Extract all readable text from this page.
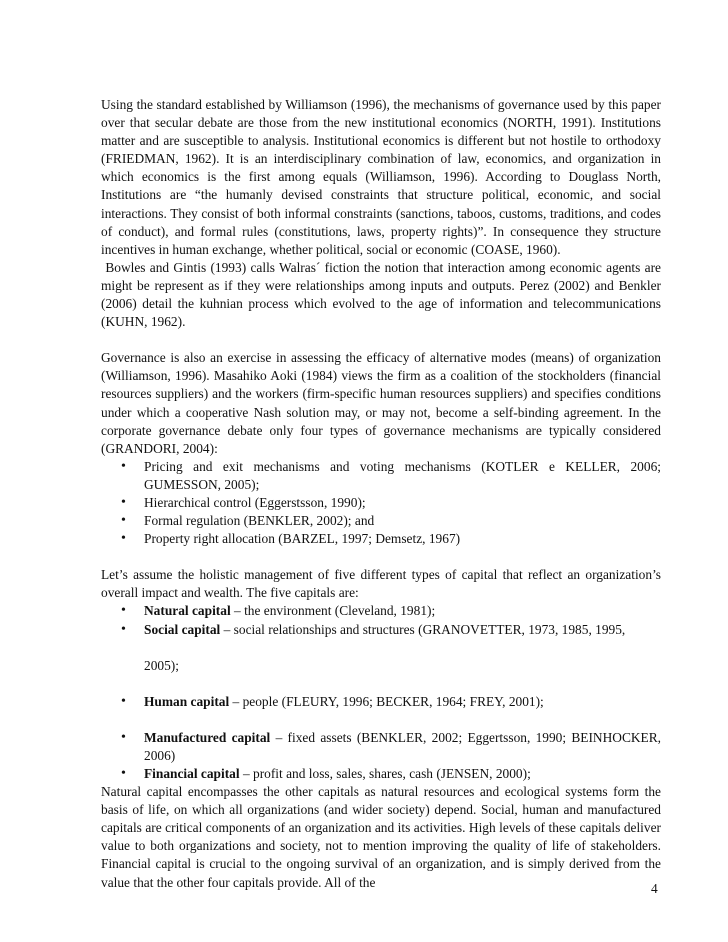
Using the standard established by Williamson (1996), the mechanisms of governance used by this paper over that secular debate are those from the new institutional economics (NORTH, 1991). Institutions matter and are susceptible to analysis. Institutional economics is different but not hostile to orthodoxy (FRIEDMAN, 1962). It is an interdisciplinary combination of law, economics, and organization in which economics is the first among equals (Williamson, 1996). According to Douglass North, Institutions are “the humanly devised constraints that structure political, economic, and social interactions. They consist of both informal constraints (sanctions, taboos, customs, traditions, and codes of conduct), and formal rules (constitutions, laws, property rights)”. In consequence they structure incentives in human exchange, whether political, social or economic (COASE, 1960).

Bowles and Gintis (1993) calls Walras´ fiction the notion that interaction among economic agents are might be represent as if they were relationships among inputs and outputs. Perez (2002) and Benkler (2006) detail the kuhnian process which evolved to the age of information and telecommunications (KUHN, 1962).

Governance is also an exercise in assessing the efficacy of alternative modes (means) of organization (Williamson, 1996). Masahiko Aoki (1984) views the firm as a coalition of the stockholders (financial resources suppliers) and the workers (firm-specific human resources suppliers) and specifies conditions under which a cooperative Nash solution may, or may not, become a self-binding agreement. In the corporate governance debate only four types of governance mechanisms are typically considered (GRANDORI, 2004):

• Pricing and exit mechanisms and voting mechanisms (KOTLER e KELLER, 2006; GUMESSON, 2005);
• Hierarchical control (Eggerstsson, 1990);
• Formal regulation (BENKLER, 2002); and
• Property right allocation (BARZEL, 1997; Demsetz, 1967)

Let’s assume the holistic management of five different types of capital that reflect an organization’s overall impact and wealth. The five capitals are:

• Natural capital – the environment (Cleveland, 1981);
• Social capital – social relationships and structures (GRANOVETTER, 1973, 1985, 1995,
2005);
• Human capital – people (FLEURY, 1996; BECKER, 1964; FREY, 2001);
• Manufactured capital – fixed assets (BENKLER, 2002; Eggertsson, 1990; BEINHOCKER, 2006)
• Financial capital – profit and loss, sales, shares, cash (JENSEN, 2000);

Natural capital encompasses the other capitals as natural resources and ecological systems form the basis of life, on which all organizations (and wider society) depend. Social, human and manufactured capitals are critical components of an organization and its activities. High levels of these capitals deliver value to both organizations and society, not to mention improving the quality of life of stakeholders. Financial capital is crucial to the ongoing survival of an organization, and is simply derived from the value that the other four capitals provide. All of the	4
